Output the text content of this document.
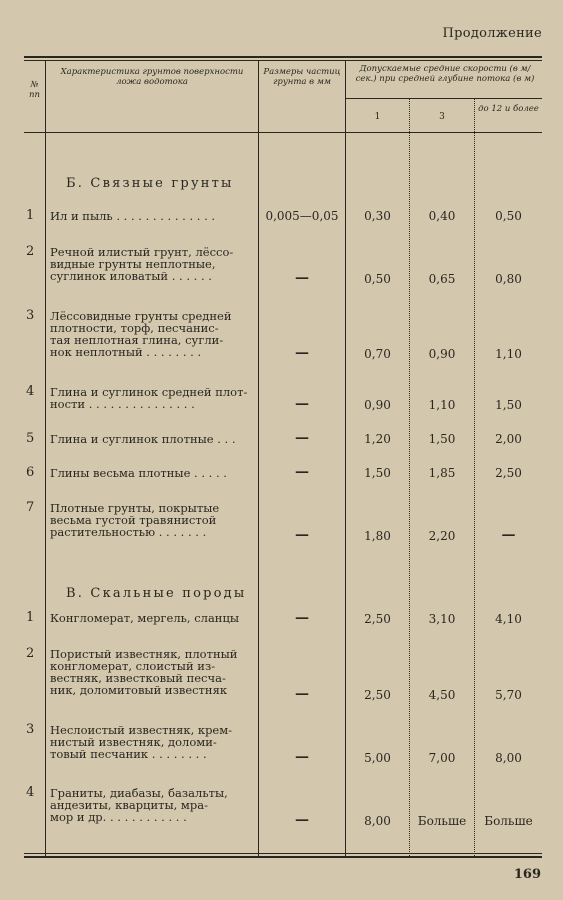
Продолжение
№ пп
Характеристика грунтов поверхности ложа водотока
Размеры частиц грунта в мм
Допускаемые средние скорости (в м/сек.) при средней глубине потока (в м)
1	3
до 12 и более
Б. Связные грунты
1 Ил и пыль . . . . . . . . . . . . . .	0,005—0,05	0,30	0,40	0,50
2 Речной илистый грунт, лёссо-
видные грунты неплотные,
суглинок иловатый . . . . . .	—	0,50	0,65	0,80
3 Лёссовидные грунты средней
плотности, торф, песчанис-
тая неплотная глина, сугли-
нок неплотный . . . . . . . .	—	0,70	0,90	1,10
4 Глина и суглинок средней плот-
ности . . . . . . . . . . . . . . .	—	0,90	1,10	1,50
5 Глина и суглинок плотные . . .	—	1,20	1,50	2,00
6 Глины весьма плотные . . . . .	—	1,50	1,85	2,50
7 Плотные грунты, покрытые
весьма густой травянистой
растительностью . . . . . . .	—	1,80	2,20	—
В. Скальные породы
1 Конгломерат, мергель, сланцы	—	2,50	3,10	4,10
2 Пористый известняк, плотный
конгломерат, слоистый из-
вестняк, известковый песча-
ник, доломитовый известняк	—	2,50	4,50	5,70
3 Неслоистый известняк, крем-
нистый известняк, доломи-
товый песчаник . . . . . . . .	—	5,00	7,00	8,00
4 Граниты, диабазы, базальты,
андезиты, кварциты, мра-
мор и др. . . . . . . . . . . .	—	8,00	Больше	Больше
169
